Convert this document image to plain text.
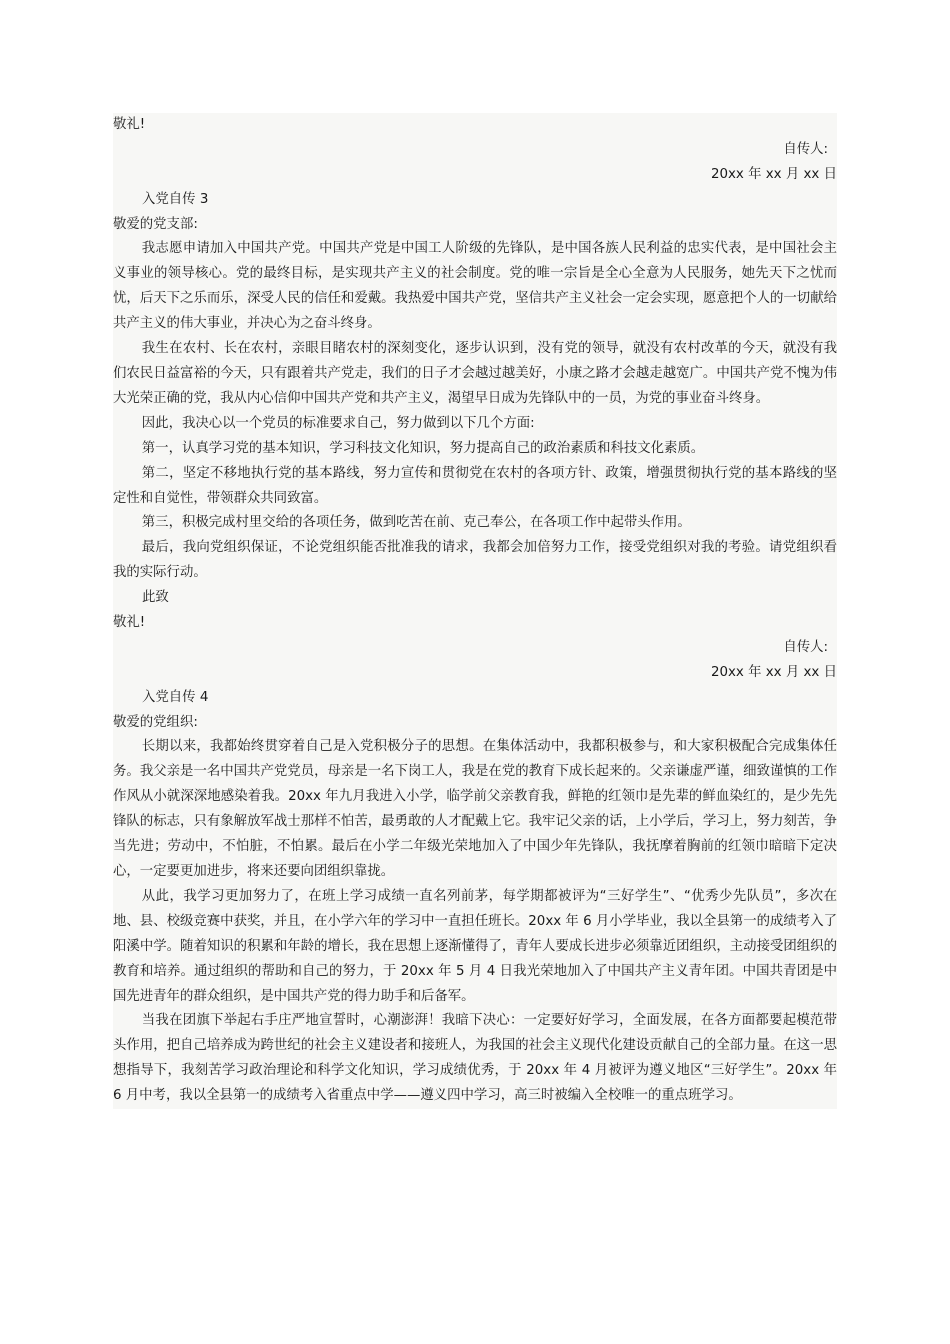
敬礼!
自传人:
20xx 年 xx 月 xx 日
入党自传 3
敬爱的党支部:

我志愿申请加入中国共产党。中国共产党是中国工人阶级的先锋队，是中国各族人民利益的忠实代表，是中国社会主义事业的领导核心。党的最终目标，是实现共产主义的社会制度。党的唯一宗旨是全心全意为人民服务，她先天下之忧而忧，后天下之乐而乐，深受人民的信任和爱戴。我热爱中国共产党，坚信共产主义社会一定会实现，愿意把个人的一切献给共产主义的伟大事业，并决心为之奋斗终身。

我生在农村、长在农村，亲眼目睹农村的深刻变化，逐步认识到，没有党的领导，就没有农村改革的今天，就没有我们农民日益富裕的今天，只有跟着共产党走，我们的日子才会越过越美好，小康之路才会越走越宽广。中国共产党不愧为伟大光荣正确的党，我从内心信仰中国共产党和共产主义，渴望早日成为先锋队中的一员，为党的事业奋斗终身。

因此，我决心以一个党员的标准要求自己，努力做到以下几个方面:

第一，认真学习党的基本知识，学习科技文化知识，努力提高自己的政治素质和科技文化素质。

第二，坚定不移地执行党的基本路线，努力宣传和贯彻党在农村的各项方针、政策，增强贯彻执行党的基本路线的坚定性和自觉性，带领群众共同致富。

第三，积极完成村里交给的各项任务，做到吃苦在前、克己奉公，在各项工作中起带头作用。

最后，我向党组织保证，不论党组织能否批准我的请求，我都会加倍努力工作，接受党组织对我的考验。请党组织看我的实际行动。

此致
敬礼!
自传人:
20xx 年 xx 月 xx 日
入党自传 4
敬爱的党组织:

长期以来，我都始终贯穿着自己是入党积极分子的思想。在集体活动中，我都积极参与，和大家积极配合完成集体任务。我父亲是一名中国共产党党员，母亲是一名下岗工人，我是在党的教育下成长起来的。父亲谦虚严谨，细致谨慎的工作作风从小就深深地感染着我。20xx 年九月我进入小学，临学前父亲教育我，鲜艳的红领巾是先辈的鲜血染红的，是少先先锋队的标志，只有象解放军战士那样不怕苦，最勇敢的人才配戴上它。我牢记父亲的话，上小学后，学习上，努力刻苦，争当先进；劳动中，不怕脏，不怕累。最后在小学二年级光荣地加入了中国少年先锋队，我抚摩着胸前的红领巾暗暗下定决心，一定要更加进步，将来还要向团组织靠拢。

从此，我学习更加努力了，在班上学习成绩一直名列前茅，每学期都被评为“三好学生”、“优秀少先队员”，多次在地、县、校级竞赛中获奖，并且，在小学六年的学习中一直担任班长。20xx 年 6 月小学毕业，我以全县第一的成绩考入了阳溪中学。随着知识的积累和年龄的增长，我在思想上逐渐懂得了，青年人要成长进步必须靠近团组织，主动接受团组织的教育和培养。通过组织的帮助和自己的努力，于 20xx 年 5 月 4 日我光荣地加入了中国共产主义青年团。中国共青团是中国先进青年的群众组织，是中国共产党的得力助手和后备军。

当我在团旗下举起右手庄严地宣誓时，心潮澎湃！我暗下决心：一定要好好学习，全面发展，在各方面都要起模范带头作用，把自己培养成为跨世纪的社会主义建设者和接班人，为我国的社会主义现代化建设贡献自己的全部力量。在这一思想指导下，我刻苦学习政治理论和科学文化知识，学习成绩优秀，于 20xx 年 4 月被评为遵义地区“三好学生”。20xx 年 6 月中考，我以全县第一的成绩考入省重点中学——遵义四中学习，高三时被编入全校唯一的重点班学习。
